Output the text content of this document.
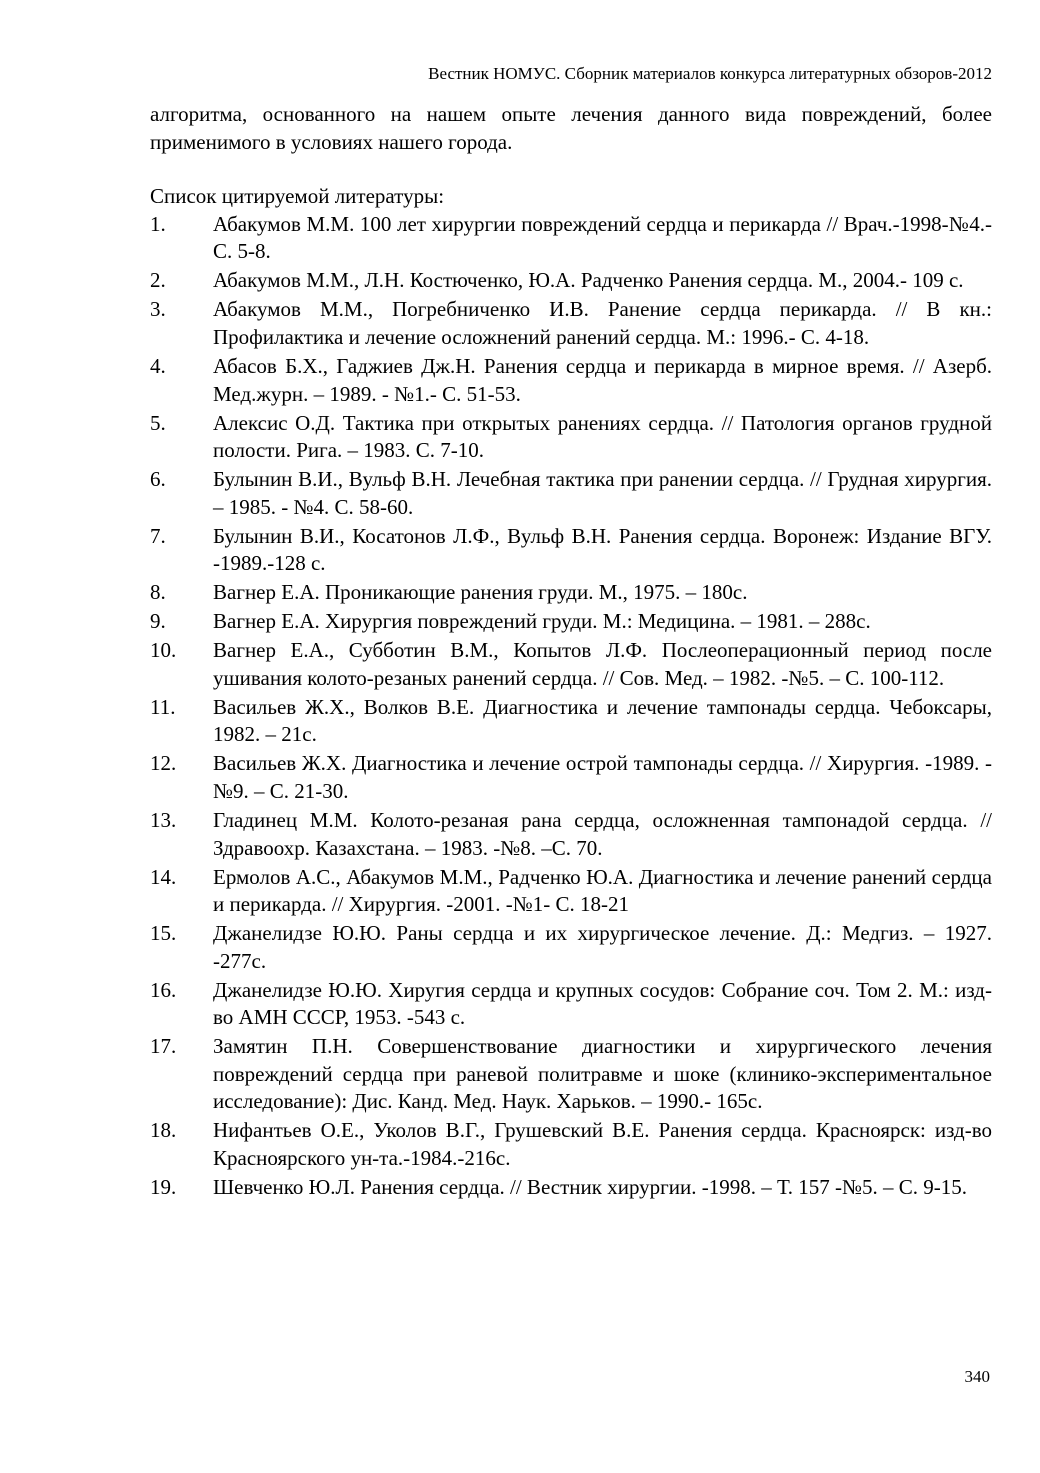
Вестник НОМУС. Сборник материалов конкурса литературных обзоров-2012

алгоритма, основанного на нашем опыте лечения данного вида повреждений, более применимого в условиях нашего города.

Список цитируемой литературы:

1. Абакумов М.М. 100 лет хирургии повреждений сердца и перикарда // Врач.-1998-№4.- С. 5-8.
2. Абакумов М.М., Л.Н. Костюченко, Ю.А. Радченко Ранения сердца. М., 2004.- 109 с.
3. Абакумов М.М., Погребниченко И.В. Ранение сердца перикарда. // В кн.: Профилактика и лечение осложнений ранений сердца. М.: 1996.- С. 4-18.
4. Абасов Б.Х., Гаджиев Дж.Н. Ранения сердца и перикарда в мирное время. // Азерб. Мед.журн. – 1989. - №1.- С. 51-53.
5. Алексис О.Д. Тактика при открытых ранениях сердца. // Патология органов грудной полости. Рига. – 1983. С. 7-10.
6. Булынин В.И., Вульф В.Н. Лечебная тактика при ранении сердца. // Грудная хирургия. – 1985. - №4. С. 58-60.
7. Булынин В.И., Косатонов Л.Ф., Вульф В.Н. Ранения сердца. Воронеж: Издание ВГУ. -1989.-128 с.
8. Вагнер Е.А. Проникающие ранения груди. М., 1975. – 180с.
9. Вагнер Е.А. Хирургия повреждений груди. М.: Медицина. – 1981. – 288с.
10. Вагнер Е.А., Субботин В.М., Копытов Л.Ф. Послеоперационный период после ушивания колото-резаных ранений сердца. // Сов. Мед. – 1982. -№5. – С. 100-112.
11. Васильев Ж.Х., Волков В.Е. Диагностика и лечение тампонады сердца. Чебоксары, 1982. – 21с.
12. Васильев Ж.Х. Диагностика и лечение острой тампонады сердца. // Хирургия. -1989. - №9. – С. 21-30.
13. Гладинец М.М. Колото-резаная рана сердца, осложненная тампонадой сердца. // Здравоохр. Казахстана. – 1983. -№8. –С. 70.
14. Ермолов А.С., Абакумов М.М., Радченко Ю.А. Диагностика и лечение ранений сердца и перикарда. // Хирургия. -2001. -№1- С. 18-21
15. Джанелидзе Ю.Ю. Раны сердца и их хирургическое лечение. Д.: Медгиз. – 1927. -277с.
16. Джанелидзе Ю.Ю. Хиругия сердца и крупных сосудов: Собрание соч. Том 2. М.: изд-во АМН СССР, 1953. -543 с.
17. Замятин П.Н. Совершенствование диагностики и хирургического лечения повреждений сердца при раневой политравме и шоке (клинико-экспериментальное исследование): Дис. Канд. Мед. Наук. Харьков. – 1990.- 165с.
18. Нифантьев О.Е., Уколов В.Г., Грушевский В.Е. Ранения сердца. Красноярск: изд-во Красноярского ун-та.-1984.-216с.
19. Шевченко Ю.Л. Ранения сердца. // Вестник хирургии. -1998. – Т. 157 -№5. – С. 9-15.
340
